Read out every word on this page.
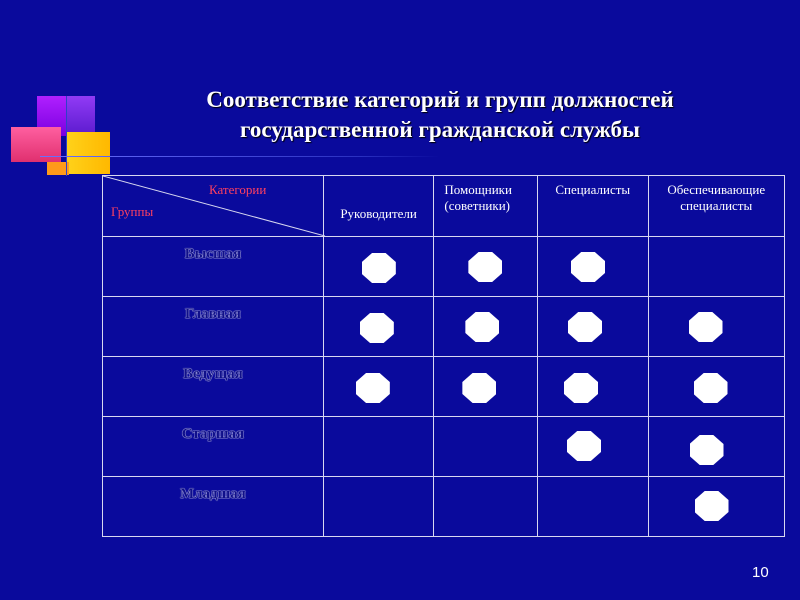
Соответствие категорий и групп должностей
государственной гражданской службы
Категории
Группы	Руководители	Помощники (советники)	Специалисты	Обеспечивающие специалисты

Высшая				

Главная				

Ведущая				

Старшая				

Младшая				

10
